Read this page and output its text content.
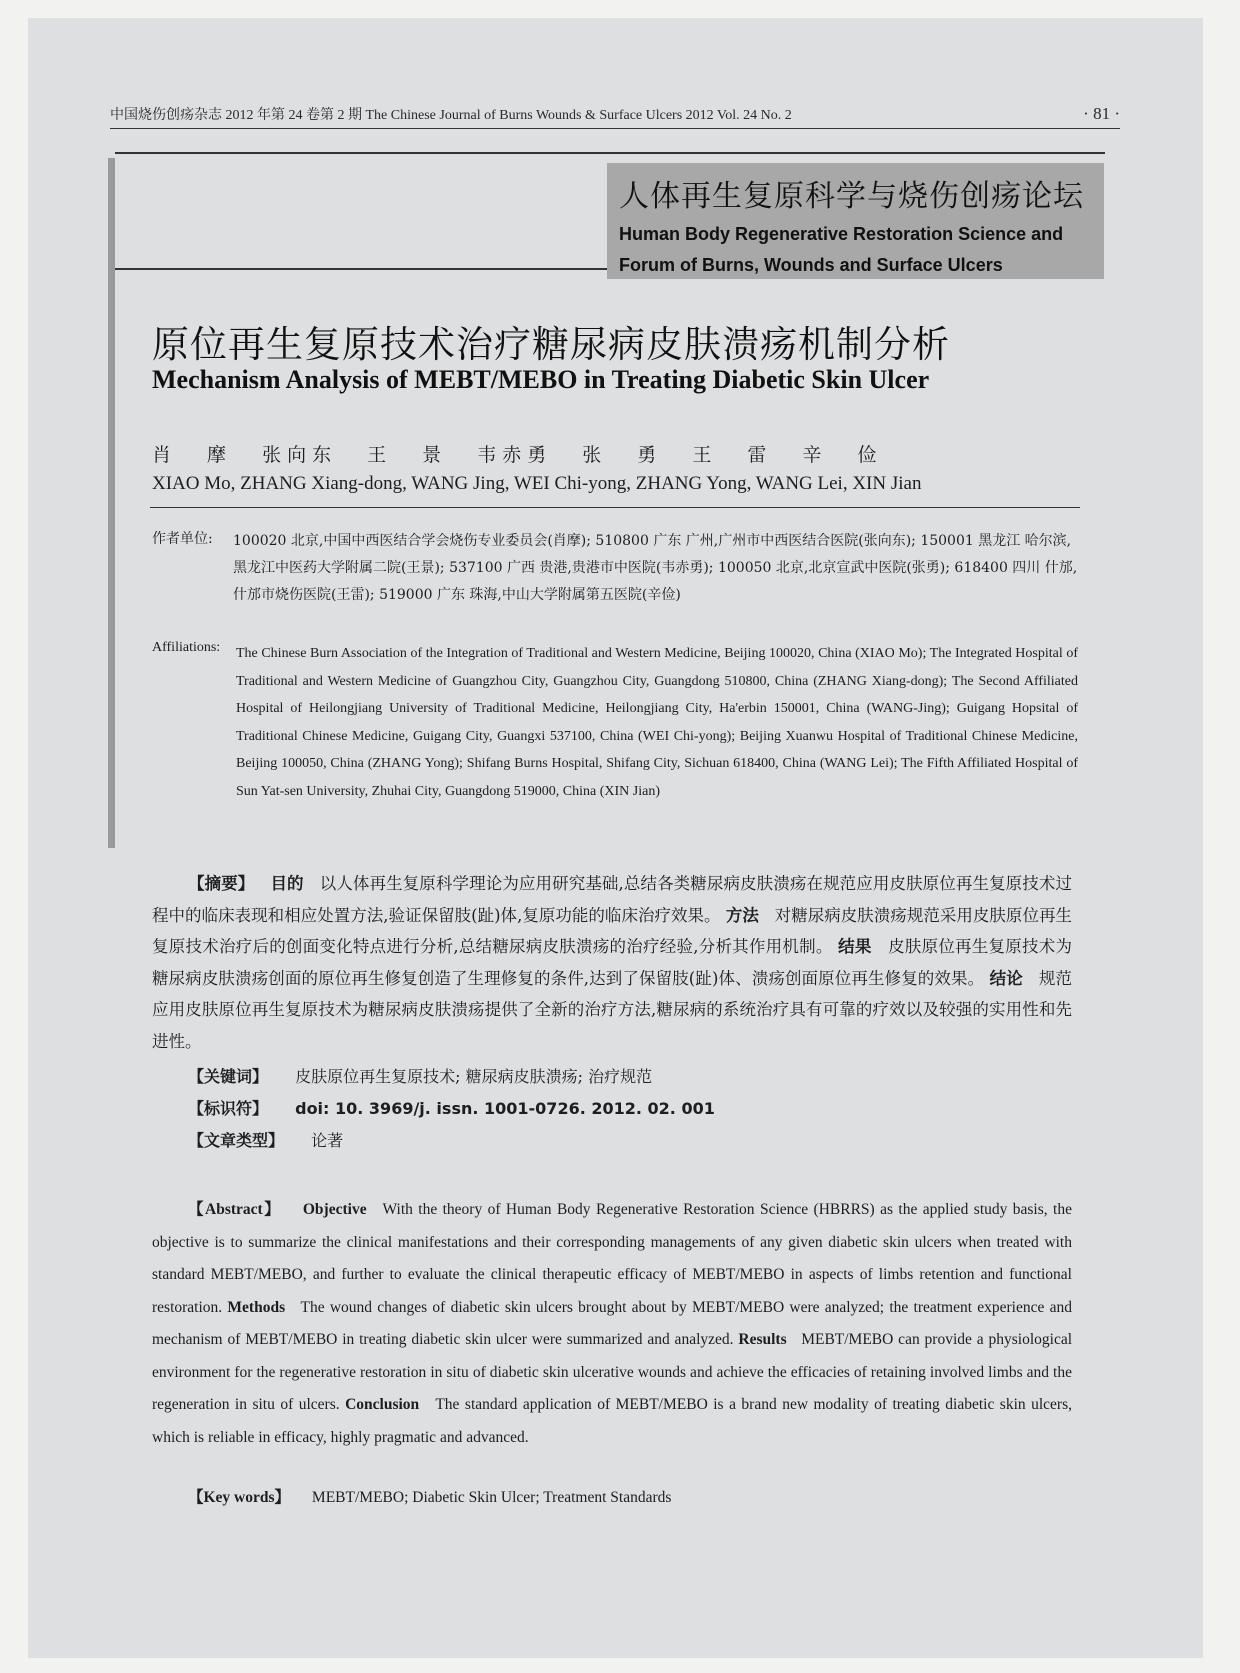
中国烧伤创疡杂志 2012 年第 24 卷第 2 期 The Chinese Journal of Burns Wounds & Surface Ulcers 2012 Vol. 24 No. 2	· 81 ·
人体再生复原科学与烧伤创疡论坛
Human Body Regenerative Restoration Science and
Forum of Burns, Wounds and Surface Ulcers
原位再生复原技术治疗糖尿病皮肤溃疡机制分析
Mechanism Analysis of MEBT/MEBO in Treating Diabetic Skin Ulcer
肖 摩 张向东 王 景 韦赤勇 张 勇 王 雷 辛 俭
XIAO Mo, ZHANG Xiang-dong, WANG Jing, WEI Chi-yong, ZHANG Yong, WANG Lei, XIN Jian
作者单位: 100020 北京,中国中西医结合学会烧伤专业委员会(肖摩); 510800 广东 广州,广州市中西医结合医院(张向东); 150001 黑龙江 哈尔滨,黑龙江中医药大学附属二院(王景); 537100 广西 贵港,贵港市中医院(韦赤勇); 100050 北京,北京宣武中医院(张勇); 618400 四川 什邡,什邡市烧伤医院(王雷); 519000 广东 珠海,中山大学附属第五医院(辛俭)
Affiliations: The Chinese Burn Association of the Integration of Traditional and Western Medicine, Beijing 100020, China (XIAO Mo); The Integrated Hospital of Traditional and Western Medicine of Guangzhou City, Guangzhou City, Guangdong 510800, China (ZHANG Xiang-dong); The Second Affiliated Hospital of Heilongjiang University of Traditional Medicine, Heilongjiang City, Ha'erbin 150001, China (WANG-Jing); Guigang Hopsital of Traditional Chinese Medicine, Guigang City, Guangxi 537100, China (WEI Chi-yong); Beijing Xuanwu Hospital of Traditional Chinese Medicine, Beijing 100050, China (ZHANG Yong); Shifang Burns Hospital, Shifang City, Sichuan 618400, China (WANG Lei); The Fifth Affiliated Hospital of Sun Yat-sen University, Zhuhai City, Guangdong 519000, China (XIN Jian)
【摘要】 目的 以人体再生复原科学理论为应用研究基础,总结各类糖尿病皮肤溃疡在规范应用皮肤原位再生复原技术过程中的临床表现和相应处置方法,验证保留肢(趾)体,复原功能的临床治疗效果。 方法 对糖尿病皮肤溃疡规范采用皮肤原位再生复原技术治疗后的创面变化特点进行分析,总结糖尿病皮肤溃疡的治疗经验,分析其作用机制。 结果 皮肤原位再生复原技术为糖尿病皮肤溃疡创面的原位再生修复创造了生理修复的条件,达到了保留肢(趾)体、溃疡创面原位再生修复的效果。 结论 规范应用皮肤原位再生复原技术为糖尿病皮肤溃疡提供了全新的治疗方法,糖尿病的系统治疗具有可靠的疗效以及较强的实用性和先进性。
【关键词】 皮肤原位再生复原技术; 糖尿病皮肤溃疡; 治疗规范
【标识符】 doi: 10. 3969/j. issn. 1001-0726. 2012. 02. 001
【文章类型】 论著
【Abstract】 Objective With the theory of Human Body Regenerative Restoration Science (HBRRS) as the applied study basis, the objective is to summarize the clinical manifestations and their corresponding managements of any given diabetic skin ulcers when treated with standard MEBT/MEBO, and further to evaluate the clinical therapeutic efficacy of MEBT/MEBO in aspects of limbs retention and functional restoration. Methods The wound changes of diabetic skin ulcers brought about by MEBT/MEBO were analyzed; the treatment experience and mechanism of MEBT/MEBO in treating diabetic skin ulcer were summarized and analyzed. Results MEBT/MEBO can provide a physiological environment for the regenerative restoration in situ of diabetic skin ulcerative wounds and achieve the efficacies of retaining involved limbs and the regeneration in situ of ulcers. Conclusion The standard application of MEBT/MEBO is a brand new modality of treating diabetic skin ulcers, which is reliable in efficacy, highly pragmatic and advanced.
【Key words】 MEBT/MEBO; Diabetic Skin Ulcer; Treatment Standards
